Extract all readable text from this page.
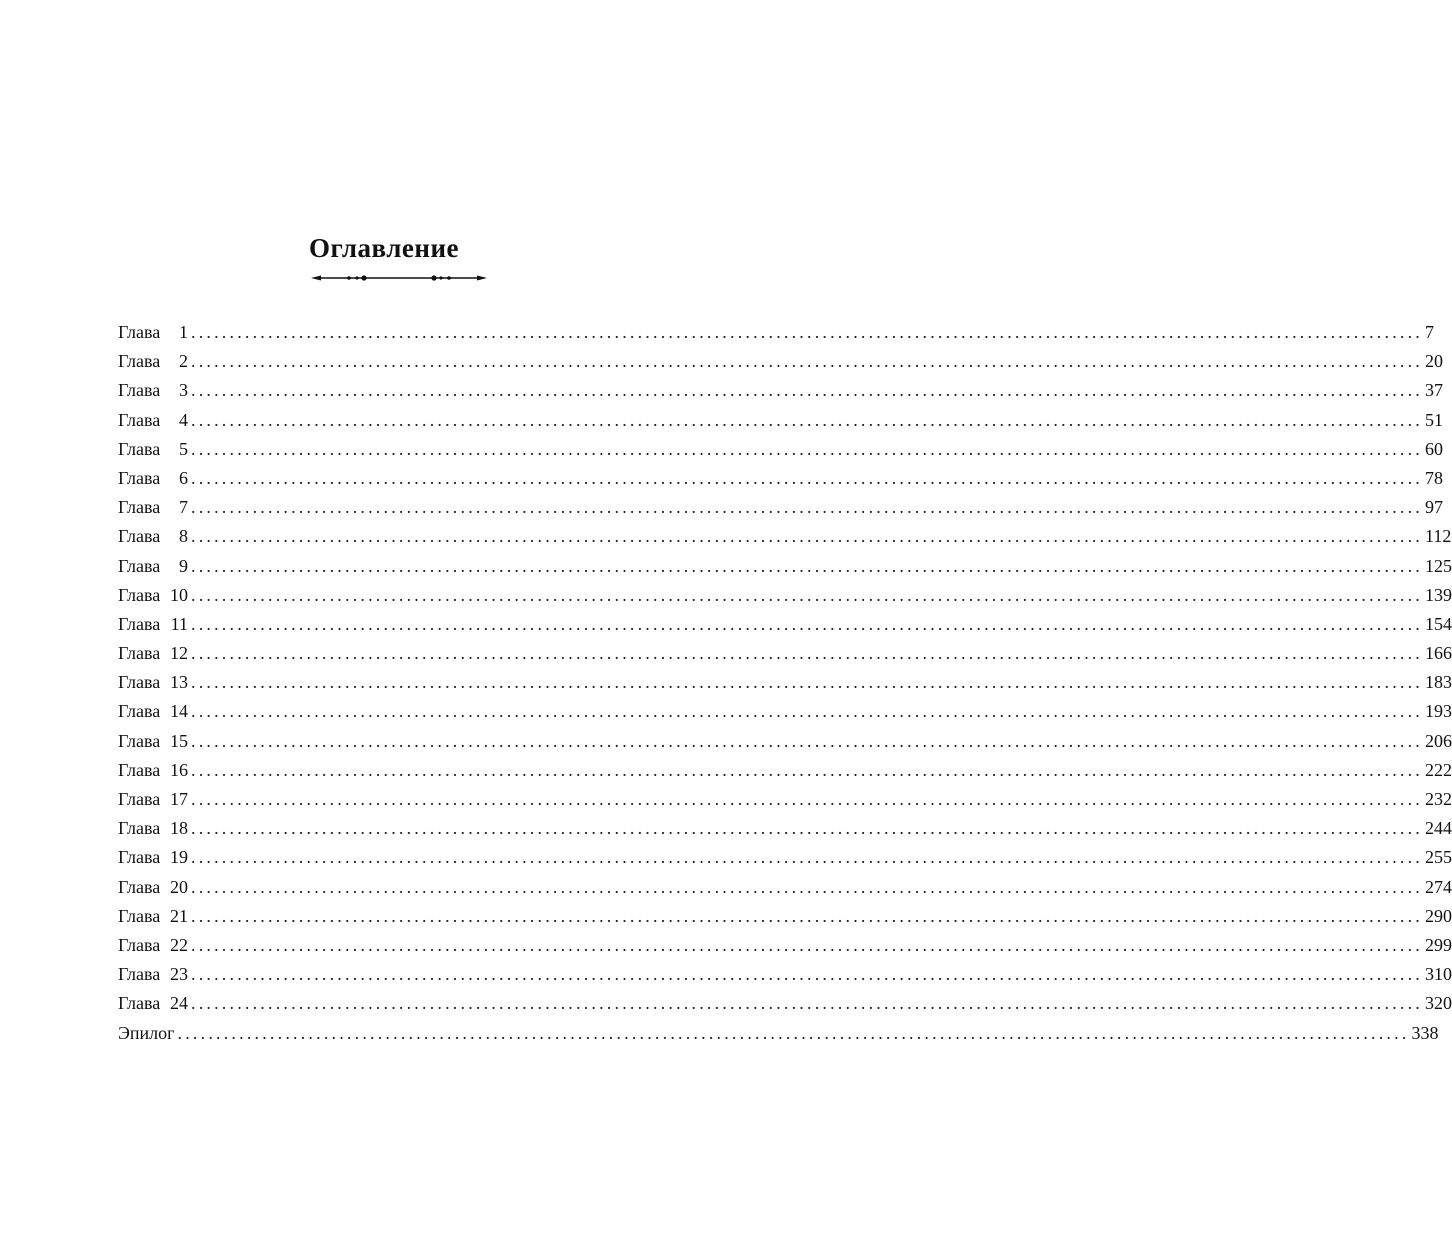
Оглавление
Глава 1 ................................................................................................................................................................ 7
Глава 2 ................................................................................................................................................................ 20
Глава 3 ................................................................................................................................................................ 37
Глава 4 ................................................................................................................................................................ 51
Глава 5 ................................................................................................................................................................ 60
Глава 6 ................................................................................................................................................................ 78
Глава 7 ................................................................................................................................................................ 97
Глава 8 ................................................................................................................................................................ 112
Глава 9 ................................................................................................................................................................ 125
Глава 10 ................................................................................................................................................................ 139
Глава 11 ................................................................................................................................................................ 154
Глава 12 ................................................................................................................................................................ 166
Глава 13 ................................................................................................................................................................ 183
Глава 14 ................................................................................................................................................................ 193
Глава 15 ................................................................................................................................................................ 206
Глава 16 ................................................................................................................................................................ 222
Глава 17 ................................................................................................................................................................ 232
Глава 18 ................................................................................................................................................................ 244
Глава 19 ................................................................................................................................................................ 255
Глава 20 ................................................................................................................................................................ 274
Глава 21 ................................................................................................................................................................ 290
Глава 22 ................................................................................................................................................................ 299
Глава 23 ................................................................................................................................................................ 310
Глава 24 ................................................................................................................................................................ 320
Эпилог ................................................................................................................................................................ 338
